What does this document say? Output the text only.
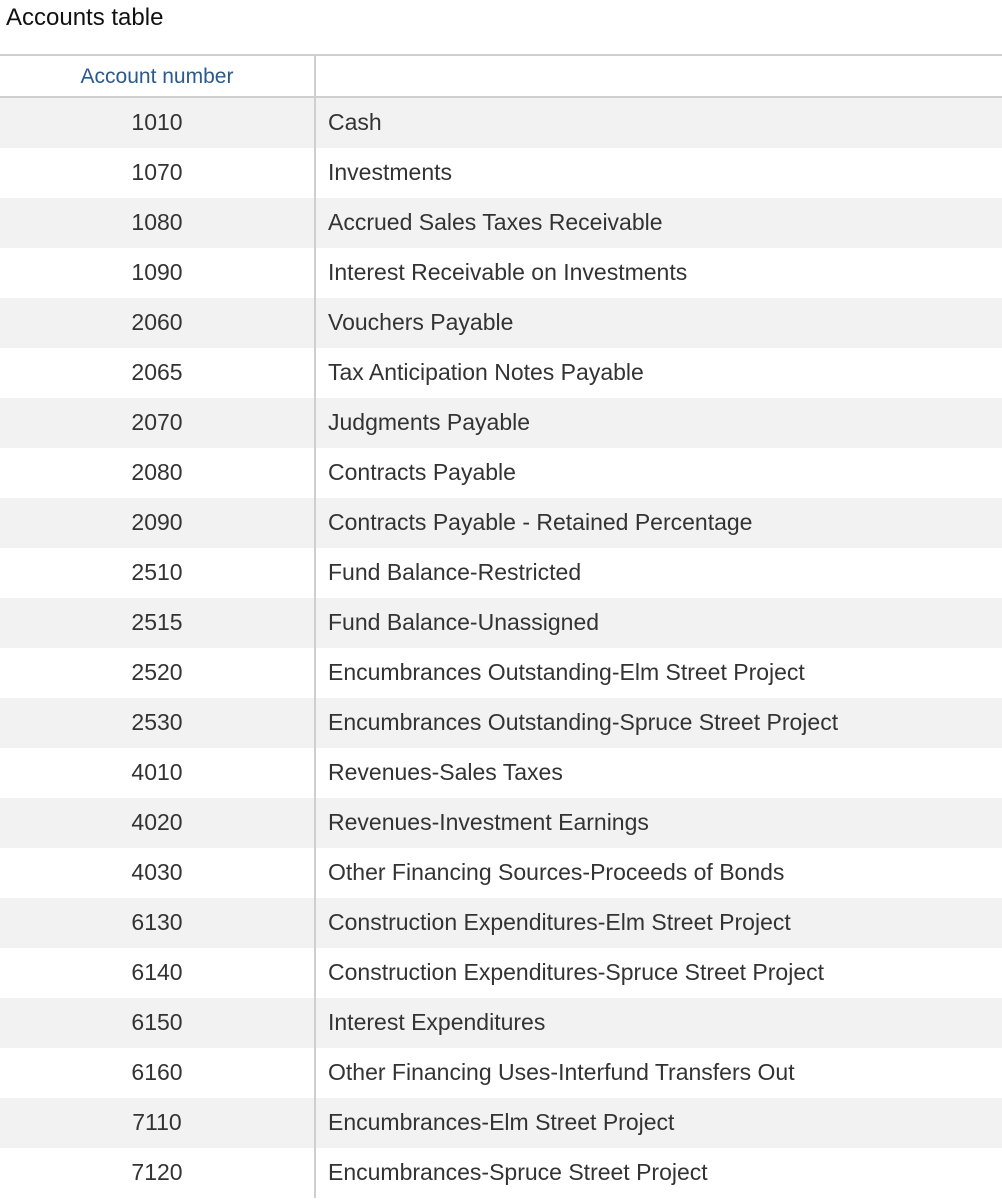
Accounts table
Account number
1010	Cash
1070	Investments
1080	Accrued Sales Taxes Receivable
1090	Interest Receivable on Investments
2060	Vouchers Payable
2065	Tax Anticipation Notes Payable
2070	Judgments Payable
2080	Contracts Payable
2090	Contracts Payable - Retained Percentage
2510	Fund Balance-Restricted
2515	Fund Balance-Unassigned
2520	Encumbrances Outstanding-Elm Street Project
2530	Encumbrances Outstanding-Spruce Street Project
4010	Revenues-Sales Taxes
4020	Revenues-Investment Earnings
4030	Other Financing Sources-Proceeds of Bonds
6130	Construction Expenditures-Elm Street Project
6140	Construction Expenditures-Spruce Street Project
6150	Interest Expenditures
6160	Other Financing Uses-Interfund Transfers Out
7110	Encumbrances-Elm Street Project
7120	Encumbrances-Spruce Street Project
